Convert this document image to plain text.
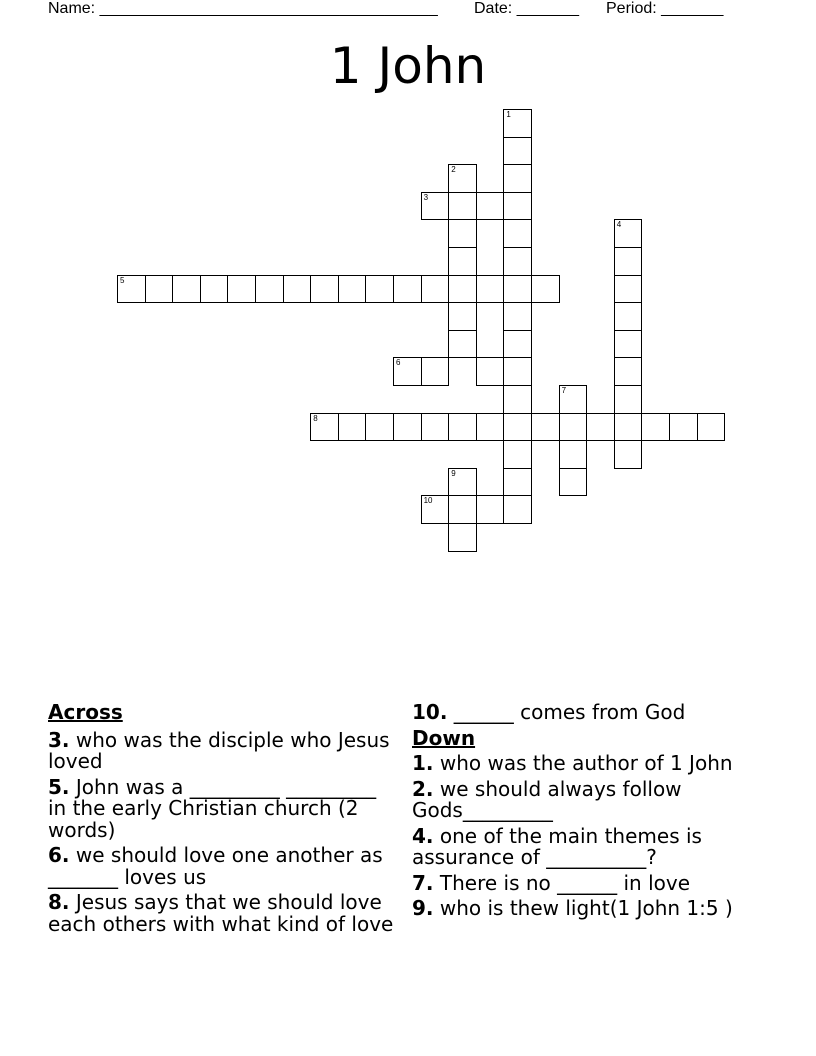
Name: ______________________________________ Date: _______ Period: _______
1 John
1
2
3
4
5
6
8
7
9
10
Across
3. who was the disciple who Jesus loved
5. John was a _________ _________ in the early Christian church (2 words)
6. we should love one another as _______ loves us
8. Jesus says that we should love each others with what kind of love
10. ______ comes from God
Down
1. who was the author of 1 John
2. we should always follow Gods_________
4. one of the main themes is assurance of __________?
7. There is no ______ in love
9. who is thew light(1 John 1:5 )
